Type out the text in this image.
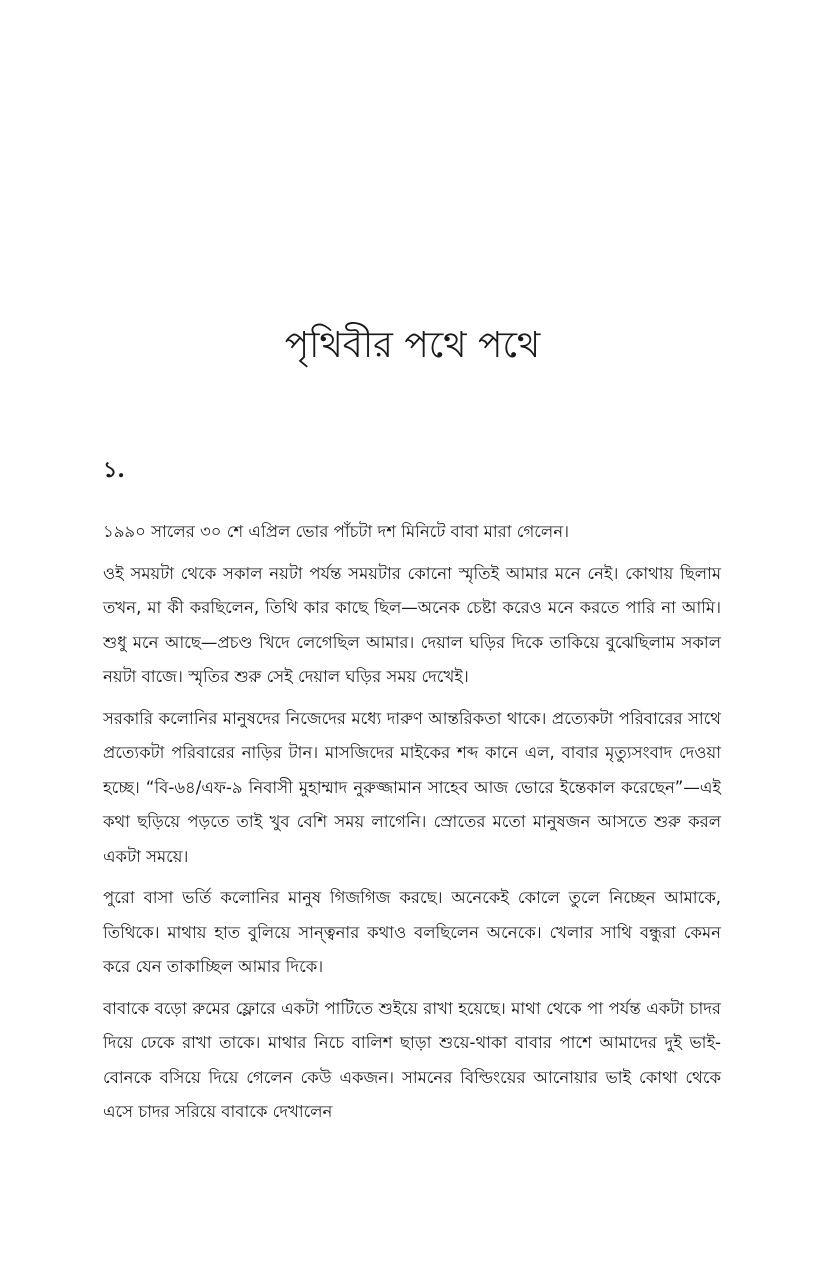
পৃথিবীর পথে পথে
১.

১৯৯০ সালের ৩০ শে এপ্রিল ভোর পাঁচটা দশ মিনিটে বাবা মারা গেলেন।

ওই সময়টা থেকে সকাল নয়টা পর্যন্ত সময়টার কোনো স্মৃতিই আমার মনে নেই। কোথায় ছিলাম তখন, মা কী করছিলেন, তিথি কার কাছে ছিল—অনেক চেষ্টা করেও মনে করতে পারি না আমি। শুধু মনে আছে—প্রচণ্ড খিদে লেগেছিল আমার। দেয়াল ঘড়ির দিকে তাকিয়ে বুঝেছিলাম সকাল নয়টা বাজে। স্মৃতির শুরু সেই দেয়াল ঘড়ির সময় দেখেই।

সরকারি কলোনির মানুষদের নিজেদের মধ্যে দারুণ আন্তরিকতা থাকে। প্রত্যেকটা পরিবারের সাথে প্রত্যেকটা পরিবারের নাড়ির টান। মাসজিদের মাইকের শব্দ কানে এল, বাবার মৃত্যুসংবাদ দেওয়া হচ্ছে। “বি-৬৪/এফ-৯ নিবাসী মুহাম্মাদ নুরুজ্জামান সাহেব আজ ভোরে ইন্তেকাল করেছেন”—এই কথা ছড়িয়ে পড়তে তাই খুব বেশি সময় লাগেনি। স্রোতের মতো মানুষজন আসতে শুরু করল একটা সময়ে।

পুরো বাসা ভর্তি কলোনির মানুষ গিজগিজ করছে। অনেকেই কোলে তুলে নিচ্ছেন আমাকে, তিথিকে। মাথায় হাত বুলিয়ে সান্ত্বনার কথাও বলছিলেন অনেকে। খেলার সাথি বন্ধুরা কেমন করে যেন তাকাচ্ছিল আমার দিকে।

বাবাকে বড়ো রুমের ফ্লোরে একটা পাটিতে শুইয়ে রাখা হয়েছে। মাথা থেকে পা পর্যন্ত একটা চাদর দিয়ে ঢেকে রাখা তাকে। মাথার নিচে বালিশ ছাড়া শুয়ে-থাকা বাবার পাশে আমাদের দুই ভাই-বোনকে বসিয়ে দিয়ে গেলেন কেউ একজন। সামনের বিল্ডিংয়ের আনোয়ার ভাই কোথা থেকে এসে চাদর সরিয়ে বাবাকে দেখালেন
